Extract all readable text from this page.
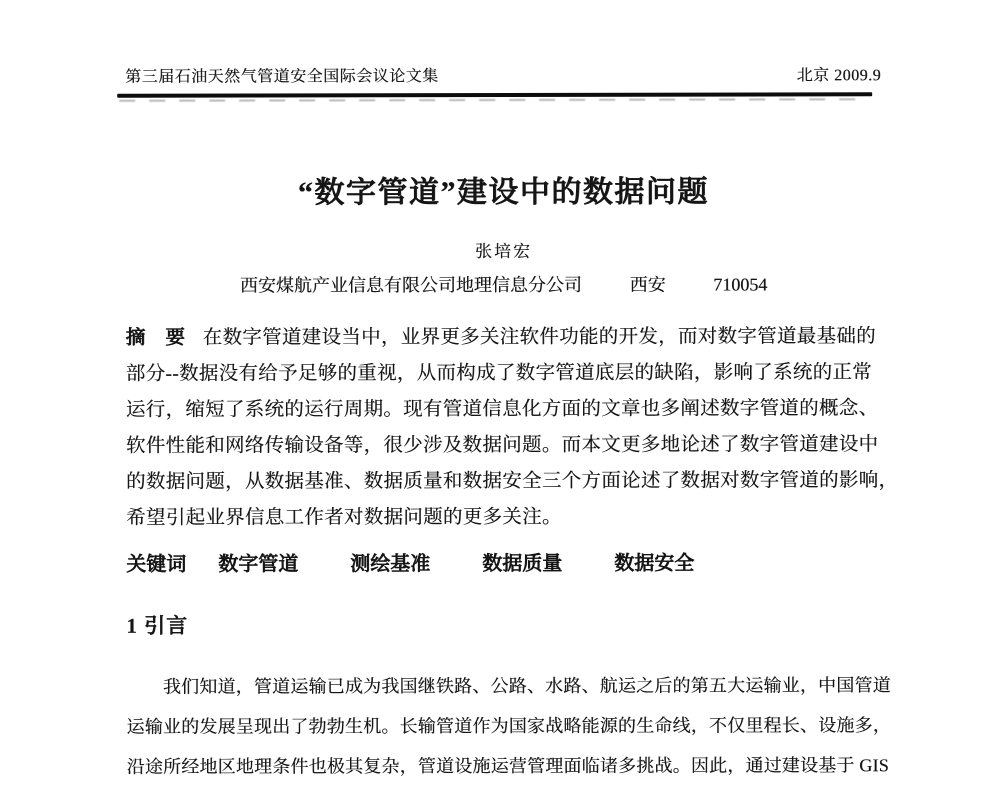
第三届石油天然气管道安全国际会议论文集	北京 2009.9
“数字管道”建设中的数据问题
张培宏
西安煤航产业信息有限公司地理信息分公司	西安	710054

摘　要 在数字管道建设当中，业界更多关注软件功能的开发，而对数字管道最基础的
部分--数据没有给予足够的重视，从而构成了数字管道底层的缺陷，影响了系统的正常
运行，缩短了系统的运行周期。现有管道信息化方面的文章也多阐述数字管道的概念、
软件性能和网络传输设备等，很少涉及数据问题。而本文更多地论述了数字管道建设中
的数据问题，从数据基准、数据质量和数据安全三个方面论述了数据对数字管道的影响，
希望引起业界信息工作者对数据问题的更多关注。

关键词 数字管道	测绘基准	数据质量	数据安全

1 引言

　　我们知道，管道运输已成为我国继铁路、公路、水路、航运之后的第五大运输业，中国管道
运输业的发展呈现出了勃勃生机。长输管道作为国家战略能源的生命线，不仅里程长、设施多，
沿途所经地区地理条件也极其复杂，管道设施运营管理面临诸多挑战。因此，通过建设基于 GIS
